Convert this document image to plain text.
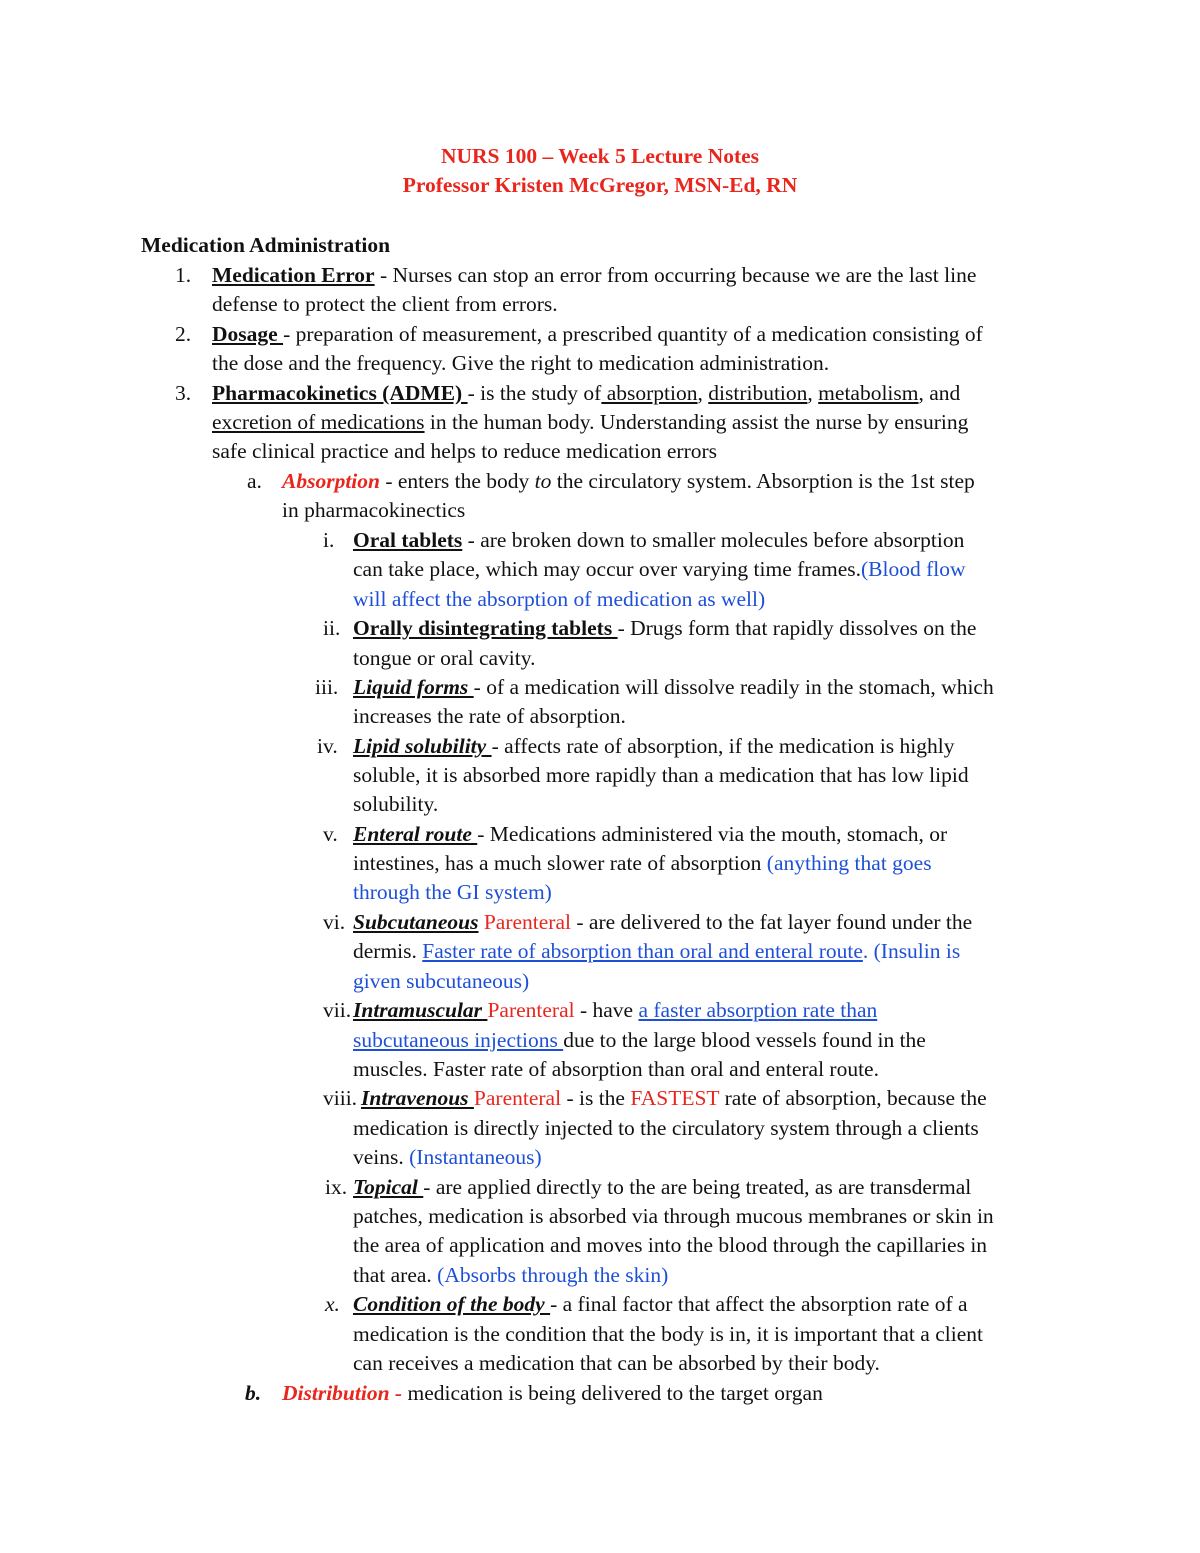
NURS 100 – Week 5 Lecture Notes
Professor Kristen McGregor, MSN-Ed, RN
Medication Administration
1. Medication Error - Nurses can stop an error from occurring because we are the last line
defense to protect the client from errors.
2. Dosage - preparation of measurement, a prescribed quantity of a medication consisting of
the dose and the frequency. Give the right to medication administration.
3. Pharmacokinetics (ADME) - is the study of absorption, distribution, metabolism, and
excretion of medications in the human body. Understanding assist the nurse by ensuring
safe clinical practice and helps to reduce medication errors
a. Absorption - enters the body to the circulatory system. Absorption is the 1st step
in pharmacokinectics
i. Oral tablets - are broken down to smaller molecules before absorption
can take place, which may occur over varying time frames.(Blood flow
will affect the absorption of medication as well)
ii. Orally disintegrating tablets - Drugs form that rapidly dissolves on the
tongue or oral cavity.
iii. Liquid forms - of a medication will dissolve readily in the stomach, which
increases the rate of absorption.
iv. Lipid solubility - affects rate of absorption, if the medication is highly
soluble, it is absorbed more rapidly than a medication that has low lipid
solubility.
v. Enteral route - Medications administered via the mouth, stomach, or
intestines, has a much slower rate of absorption (anything that goes
through the GI system)
vi. Subcutaneous Parenteral - are delivered to the fat layer found under the
dermis. Faster rate of absorption than oral and enteral route. (Insulin is
given subcutaneous)
vii. Intramuscular Parenteral - have a faster absorption rate than
subcutaneous injections due to the large blood vessels found in the
muscles. Faster rate of absorption than oral and enteral route.
viii. Intravenous Parenteral - is the FASTEST rate of absorption, because the
medication is directly injected to the circulatory system through a clients
veins. (Instantaneous)
ix. Topical - are applied directly to the are being treated, as are transdermal
patches, medication is absorbed via through mucous membranes or skin in
the area of application and moves into the blood through the capillaries in
that area. (Absorbs through the skin)
x. Condition of the body - a final factor that affect the absorption rate of a
medication is the condition that the body is in, it is important that a client
can receives a medication that can be absorbed by their body.
b. Distribution - medication is being delivered to the target organ
